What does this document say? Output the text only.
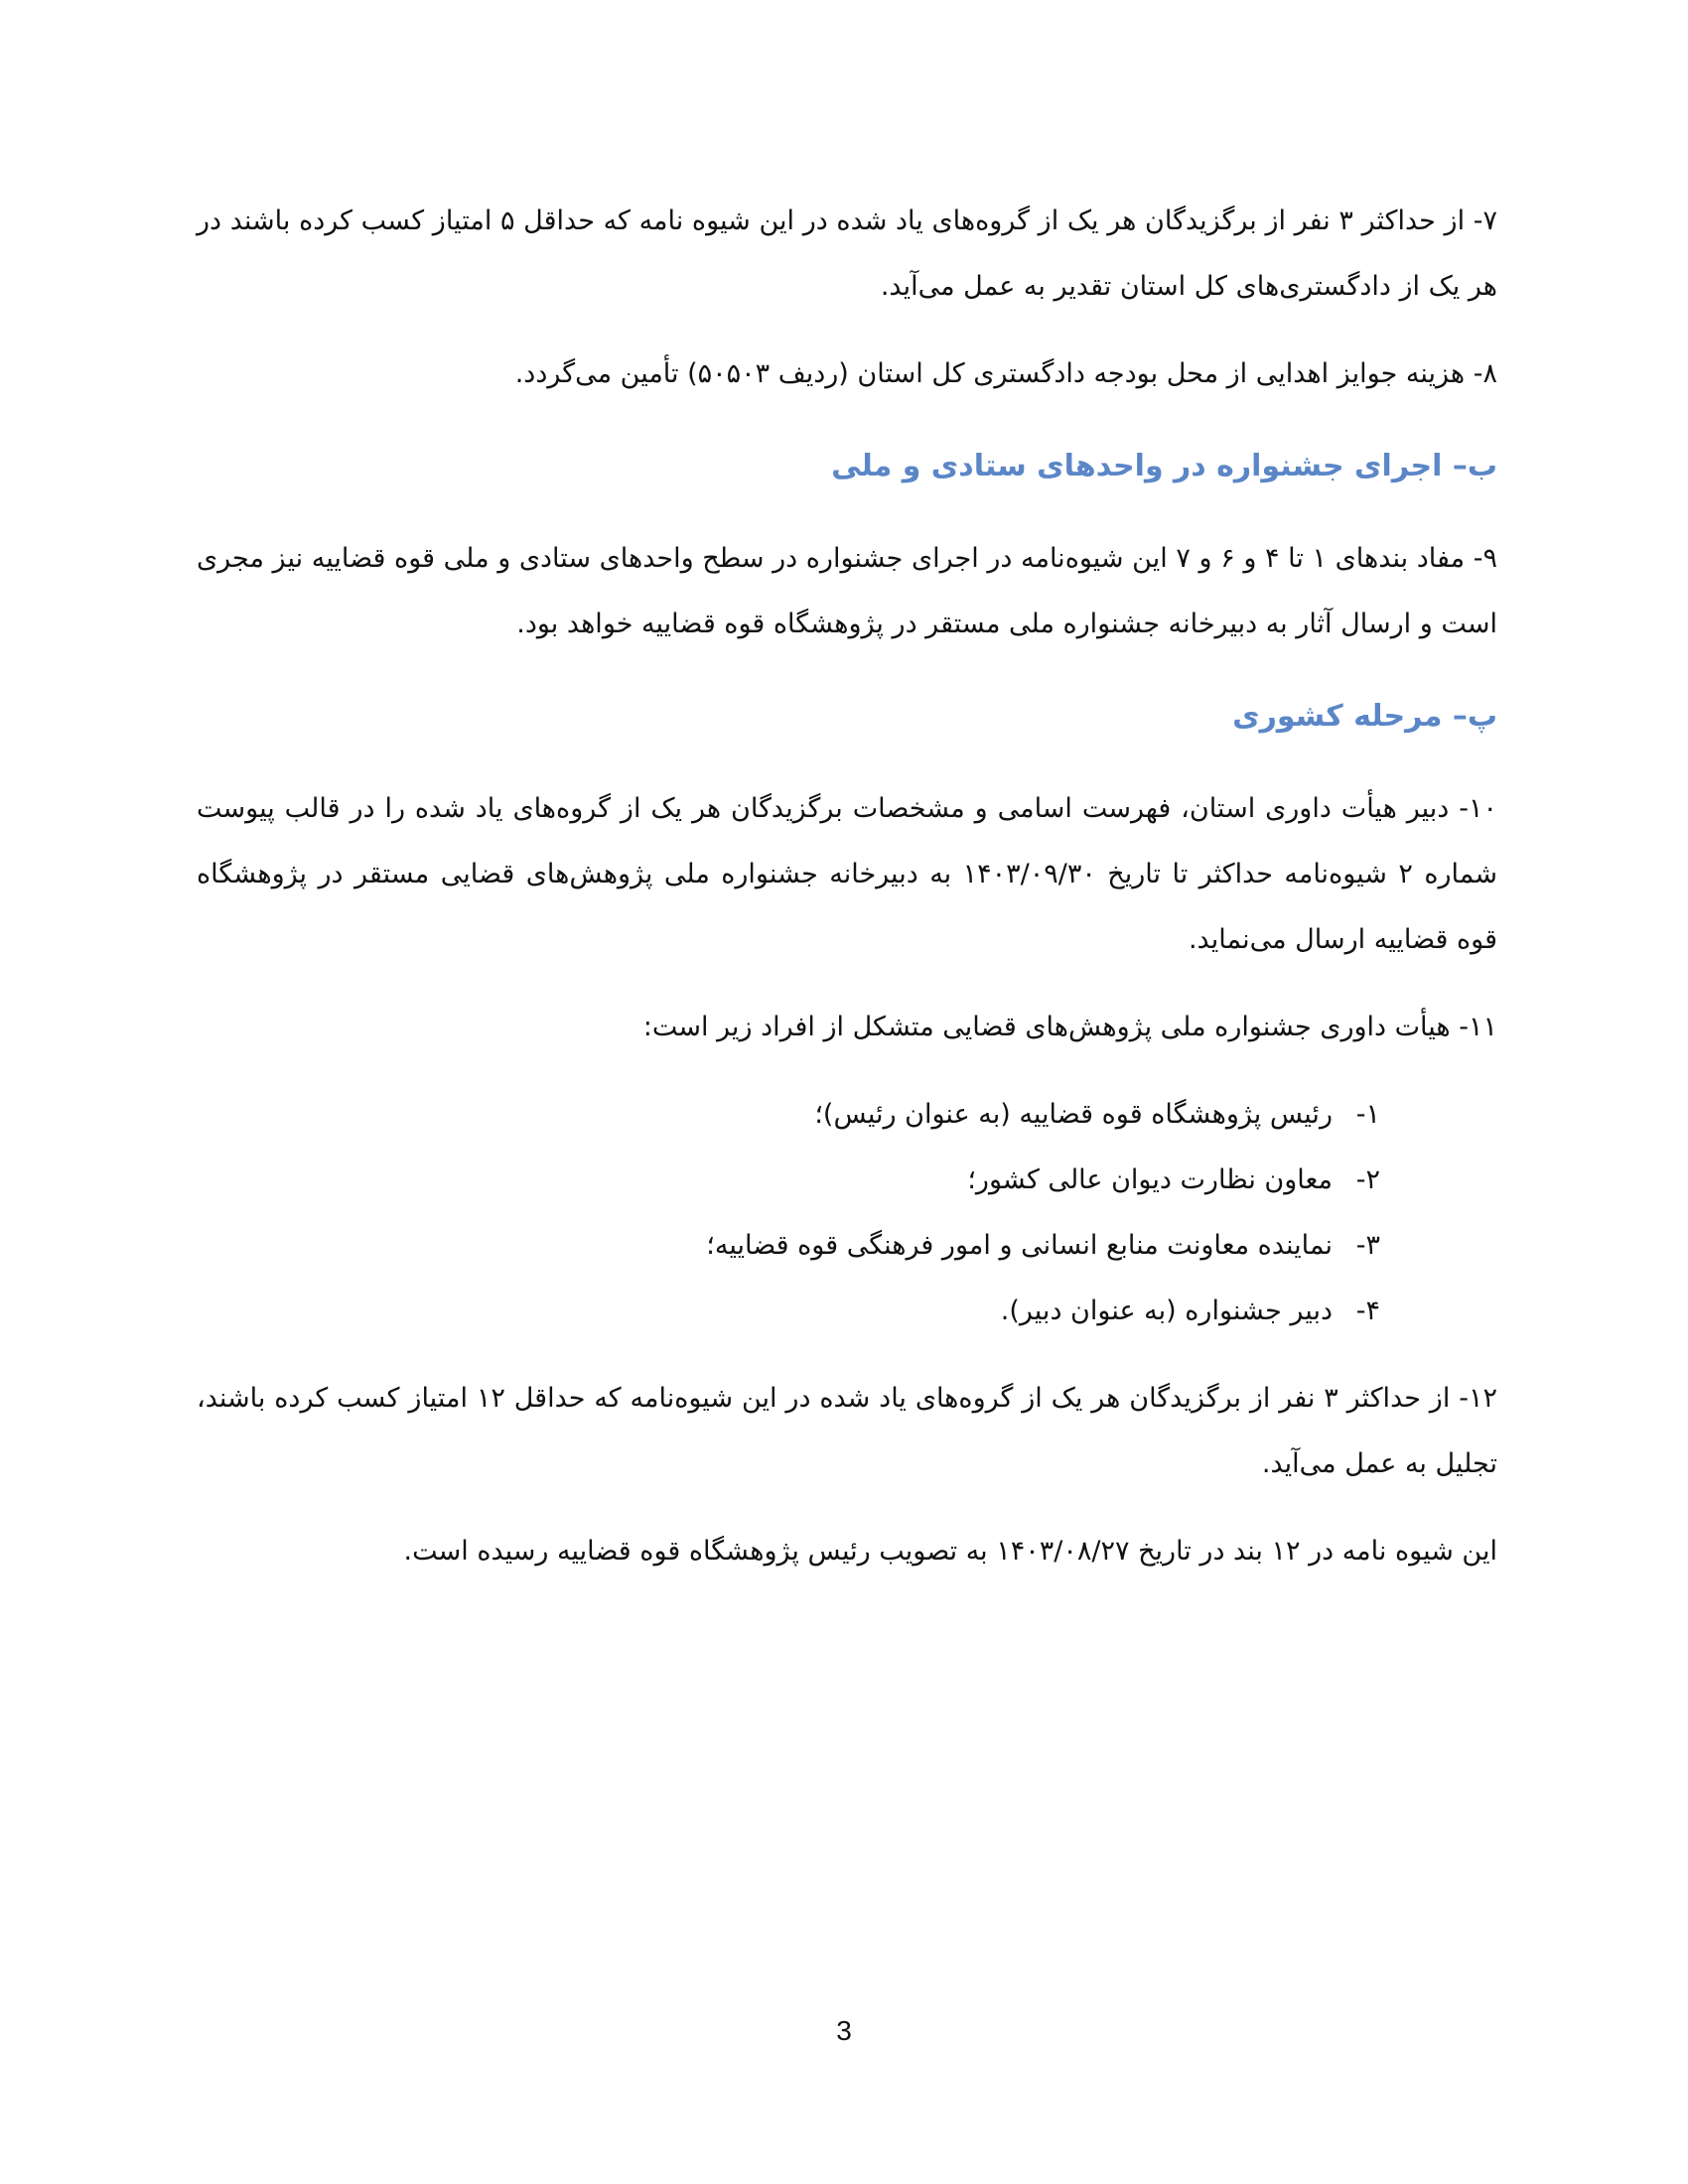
۷- از حداکثر ۳ نفر از برگزیدگان هر یک از گروه‌های یاد شده در این شیوه نامه که حداقل ۵ امتیاز کسب کرده باشند در هر یک از دادگستری‌های کل استان تقدیر به عمل می‌آید.

۸- هزینه جوایز اهدایی از محل بودجه دادگستری کل استان (ردیف ۵۰۵۰۳) تأمین می‌گردد.

ب– اجرای جشنواره در واحدهای ستادی و ملی

۹- مفاد بندهای ۱ تا ۴ و ۶ و ۷ این شیوه‌نامه در اجرای جشنواره در سطح واحدهای ستادی و ملی قوه قضاییه نیز مجری است و ارسال آثار به دبیرخانه جشنواره ملی مستقر در پژوهشگاه قوه قضاییه خواهد بود.

پ– مرحله کشوری

۱۰- دبیر هیأت داوری استان، فهرست اسامی و مشخصات برگزیدگان هر یک از گروه‌های یاد شده را در قالب پیوست شماره ۲ شیوه‌نامه حداکثر تا تاریخ ۱۴۰۳/۰۹/۳۰ به دبیرخانه جشنواره ملی پژوهش‌های قضایی مستقر در پژوهشگاه قوه قضاییه ارسال می‌نماید.

۱۱- هیأت داوری جشنواره ملی پژوهش‌های قضایی متشکل از افراد زیر است:

۱-
رئیس پژوهشگاه قوه قضاییه (به عنوان رئیس)؛
۲-
معاون نظارت دیوان عالی کشور؛
۳-
نماینده معاونت منابع انسانی و امور فرهنگی قوه قضاییه؛
۴-
دبیر جشنواره (به عنوان دبیر).

۱۲- از حداکثر ۳ نفر از برگزیدگان هر یک از گروه‌های یاد شده در این شیوه‌نامه که حداقل ۱۲ امتیاز کسب کرده باشند، تجلیل به عمل می‌آید.

این شیوه نامه در ۱۲ بند در تاریخ ۱۴۰۳/۰۸/۲۷ به تصویب رئیس پژوهشگاه قوه قضاییه رسیده است.

3
